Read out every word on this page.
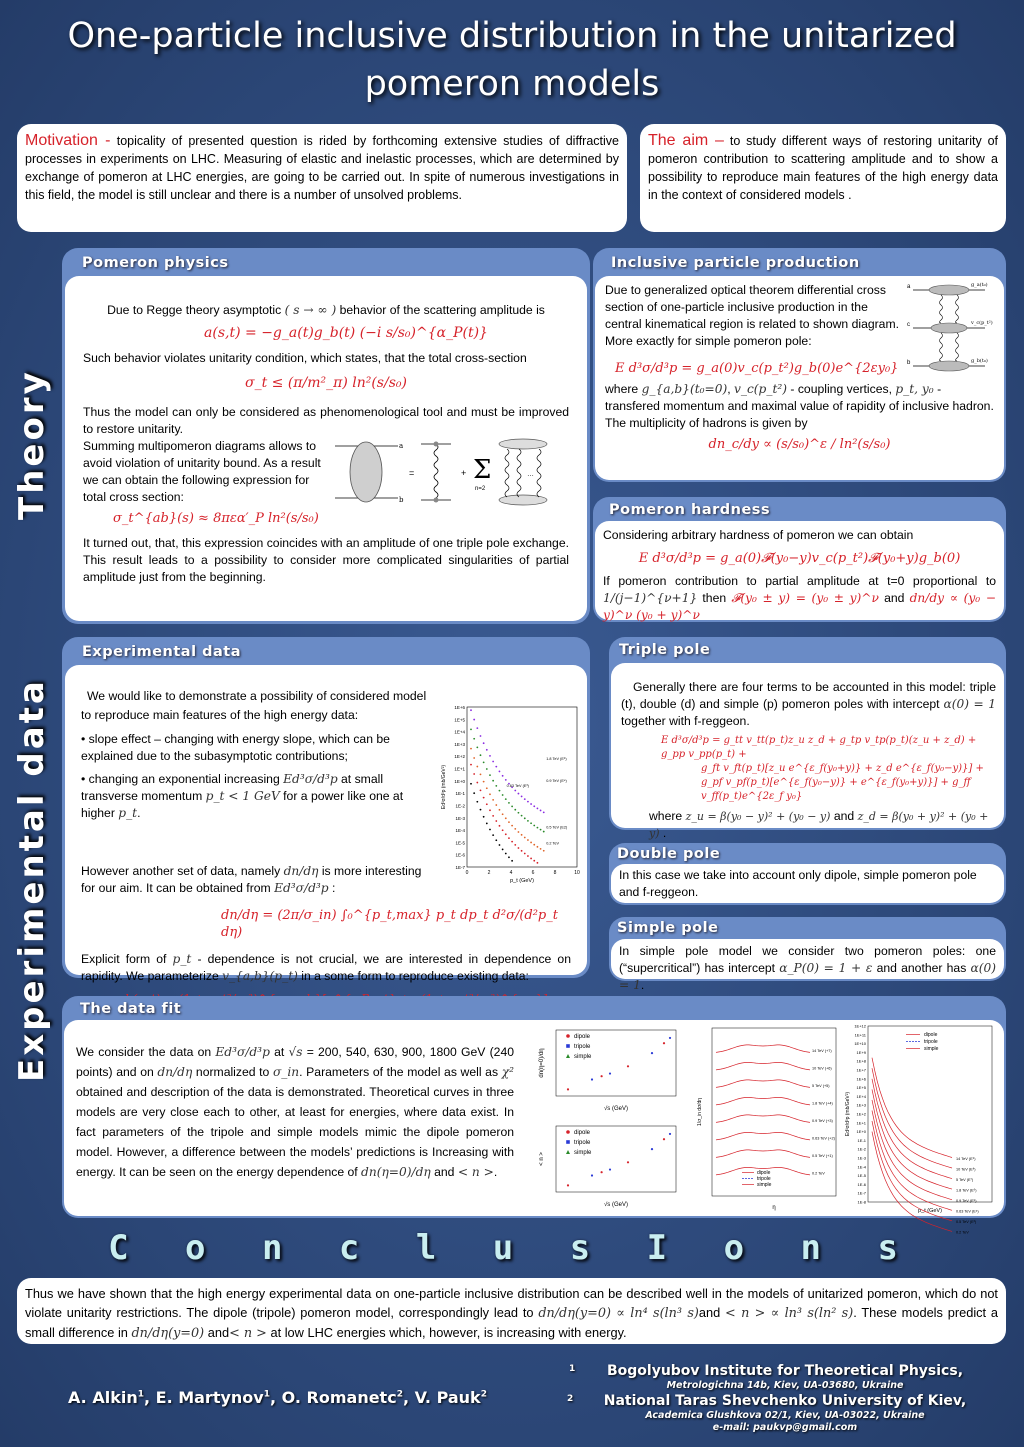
One-particle inclusive distribution in the unitarized
pomeron models
Motivation - topicality of presented question is rided by forthcoming extensive studies of diffractive processes in experiments on LHC. Measuring of elastic and inelastic processes, which are determined by exchange of pomeron at LHC energies, are going to be carried out. In spite of numerous investigations in this field, the model is still unclear and there is a number of unsolved problems.
The aim – to study different ways of restoring unitarity of pomeron contribution to scattering amplitude and to show a possibility to reproduce main features of the high energy data in the context of considered models .
Theory
Experimental data
Pomeron physics
Due to Regge theory asymptotic ( s → ∞ ) behavior of the scattering amplitude is
a(s,t) = −g_a(t)g_b(t) (−i s/s₀)^{α_P(t)}
Such behavior violates unitarity condition, which states, that the total cross-section
σ_t ≤ (π/m²_π) ln²(s/s₀)
Thus the model can only be considered as phenomenological tool and must be improved to restore unitarity.
Summing multipomeron diagrams allows to avoid violation of unitarity bound. As a result we can obtain the following expression for total cross section:
a
b
=	+ Σ
n=2
…
σ_t^{ab}(s) ≈ 8πεα′_P ln²(s/s₀)
It turned out, that, this expression coincides with an amplitude of one triple pole exchange. This result leads to a possibility to consider more complicated singularities of partial amplitude just from the beginning.
Inclusive particle production
Due to generalized optical theorem differential cross section of one-particle inclusive production in the central kinematical region is related to shown diagram. More exactly for simple pomeron pole:
a
c
b
g_a(t₀)
v_c(p_t²)
g_b(t₀)
E d³σ/d³p = g_a(0)v_c(p_t²)g_b(0)e^{2εy₀}
where g_{a,b}(t₀=0), v_c(p_t²) - coupling vertices, p_t, y₀ - transfered momentum and maximal value of rapidity of inclusive hadron.
The multiplicity of hadrons is given by
dn_c/dy ∝ (s/s₀)^ε / ln²(s/s₀)
Pomeron hardness
Considering arbitrary hardness of pomeron we can obtain
E d³σ/d³p = g_a(0)𝓕(y₀−y)v_c(p_t²)𝓕(y₀+y)g_b(0)
If pomeron contribution to partial amplitude at t=0 proportional to 1/(j−1)^{ν+1} then 𝓕(y₀ ± y) = (y₀ ± y)^ν and dn/dy ∝ (y₀ − y)^ν (y₀ + y)^ν
Experimental data
We would like to demonstrate a possibility of considered model to reproduce main features of the high energy data:
• slope effect – changing with energy slope, which can be explained due to the subasymptotic contributions;
• changing an exponential increasing Ed³σ/d³p at small transverse momentum p_t < 1 GeV for a power like one at higher p_t.
1E+6
1E+5
1E+4
1E+3
1E+2
1E+1
1E+0
1E-1
1E-2
1E-3
1E-4
1E-5
1E-6
1E-7
0	2	4	6	8	10
p_t (GeV)
Ed³σ/d³p (mb/GeV²)
1.8 TeV (E⁵)
0.9 TeV (E⁴)
0.63 TeV (E³)
0.5 TeV (E2)
0.2 TeV
However another set of data, namely dn/dη is more interesting for our aim. It can be obtained from Ed³σ/d³p :
dn/dη = (2π/σ_in) ∫₀^{p_t,max} p_t dp_t d²σ/(d²p_t dη)
Explicit form of p_t - dependence is not crucial, we are interested in dependence on rapidity. We parameterize v_{a,b}(p_t) in a some form to reproduce existing data:
Triple pole
Generally there are four terms to be accounted in this model: triple (t), double (d) and simple (p) pomeron poles with intercept α(0) = 1 together with f-reggeon.
E d³σ/d³p = g_tt v_tt(p_t)z_u z_d + g_tp v_tp(p_t)(z_u + z_d) + g_pp v_pp(p_t) +
g_ft v_ft(p_t)[z_u e^{ε_f(y₀+y)} + z_d e^{ε_f(y₀−y)}] +
g_pf v_pf(p_t)[e^{ε_f(y₀−y)} + e^{ε_f(y₀+y)}] + g_ff v_ff(p_t)e^{2ε_f y₀}
where z_u = β(y₀ − y)² + (y₀ − y) and z_d = β(y₀ + y)² + (y₀ + y) .
Double pole
In this case we take into account only dipole, simple pomeron pole and f-reggeon.
Simple pole
In simple pole model we consider two pomeron poles: one (“supercritical”) has intercept α_P(0) = 1 + ε and another has α(0) = 1.
The data fit
We consider the data on Ed³σ/d³p at √s = 200, 540, 630, 900, 1800 GeV (240 points) and on dn/dη normalized to σ_in. Parameters of the model as well as χ² obtained and description of the data is demonstrated. Theoretical curves in three models are very close each to other, at least for energies, where data exist. In fact parameters of the tripole and simple models mimic the dipole pomeron model. However, a difference between the models’ predictions is Increasing with energy. It can be seen on the energy dependence of dn(η=0)/dη and < n >.
√s (GeV)
dn(η=0)/dη
dipole
tripole
simple
√s (GeV)
< n >
dipole
tripole
simple
η
1/σ_in dσ/dη
14 TeV (+7)
10 TeV (+6)
5 TeV (+5)
1.8 TeV (+4)
0.9 TeV (+3)
0.63 TeV (+2)
0.5 TeV (+1)
0.2 TeV
dipole
tripole
simple
1E+12
1E+11
1E+10
1E+9
1E+8
1E+7
1E+6
1E+5
1E+4
1E+3
1E+2
1E+1
1E+0
1E-1
1E-2
1E-3
1E-4
1E-5
1E-6
1E-7
1E-8
p_t (GeV)
Ed³σ/d³p (mb/GeV²)
14 TeV (E⁹)
10 TeV (E⁸)
5 TeV (E⁷)
1.8 TeV (E⁶)
0.9 TeV (E⁵)
0.63 TeV (E⁴)
0.5 TeV (E³)
0.2 TeV
dipole
tripole
simple
C o n c l u s I o n s
Thus we have shown that the high energy experimental data on one-particle inclusive distribution can be described well in the models of unitarized pomeron, which do not violate unitarity restrictions. The dipole (tripole) pomeron model, correspondingly lead to dn/dη(y=0) ∝ ln⁴ s(ln³ s)and < n > ∝ ln³ s(ln² s). These models predict a small difference in dn/dη(y=0) and< n > at low LHC energies which, however, is increasing with energy.
A. Alkin$^1$, E. Martynov$^1$, O. Romanetc$^2$, V. Pauk$^2$
1	Bogolyubov Institute for Theoretical Physics,
Metrologichna 14b, Kiev, UA-03680, Ukraine
2	National Taras Shevchenko University of Kiev,
Academica Glushkova 02/1, Kiev, UA-03022, Ukraine
e-mail: paukvp@gmail.com
